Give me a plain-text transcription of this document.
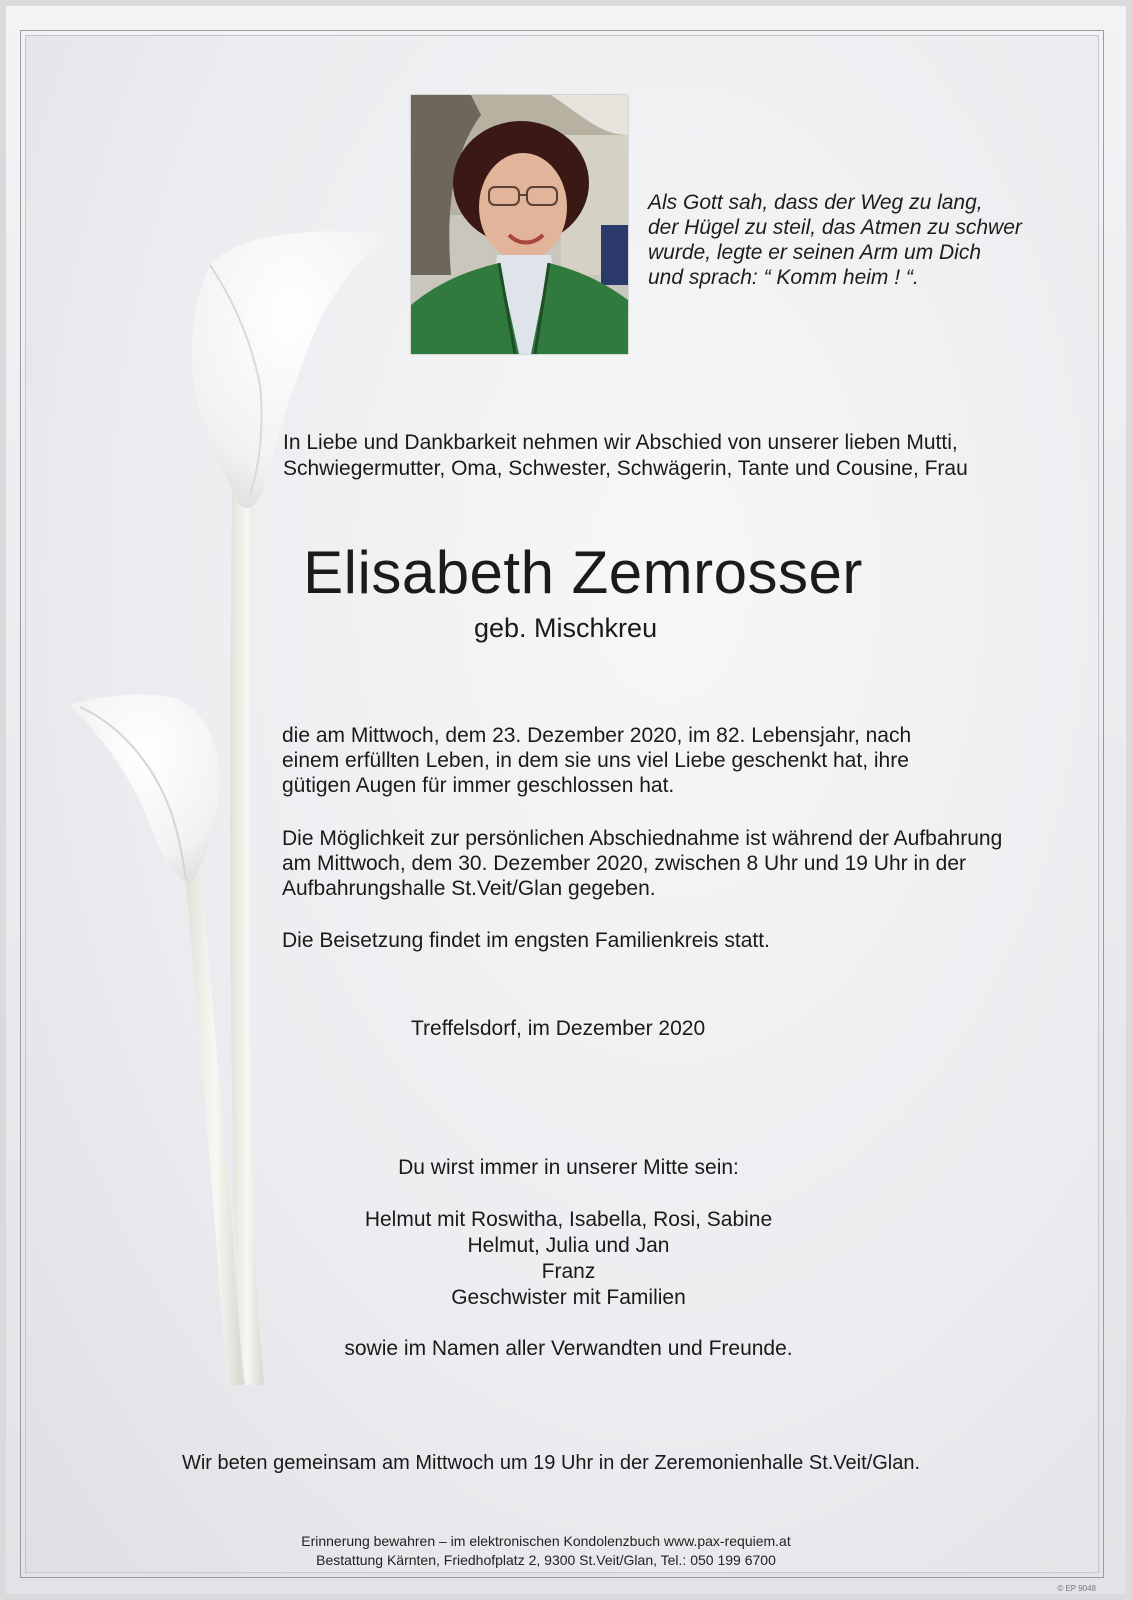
Als Gott sah, dass der Weg zu lang,
der Hügel zu steil, das Atmen zu schwer
wurde, legte er seinen Arm um Dich
und sprach: “ Komm heim ! “.
In Liebe und Dankbarkeit nehmen wir Abschied von unserer lieben Mutti,
Schwiegermutter, Oma, Schwester, Schwägerin, Tante und Cousine, Frau
Elisabeth Zemrosser
geb. Mischkreu
die am Mittwoch, dem 23. Dezember 2020, im 82. Lebensjahr, nach
einem erfüllten Leben, in dem sie uns viel Liebe geschenkt hat, ihre
gütigen Augen für immer geschlossen hat.
Die Möglichkeit zur persönlichen Abschiednahme ist während der Aufbahrung
am Mittwoch, dem 30. Dezember 2020, zwischen 8 Uhr und 19 Uhr in der
Aufbahrungshalle St.Veit/Glan gegeben.
Die Beisetzung findet im engsten Familienkreis statt.
Treffelsdorf, im Dezember 2020
Du wirst immer in unserer Mitte sein:
Helmut mit Roswitha, Isabella, Rosi, Sabine
Helmut, Julia und Jan
Franz
Geschwister mit Familien
sowie im Namen aller Verwandten und Freunde.
Wir beten gemeinsam am Mittwoch um 19 Uhr in der Zeremonienhalle St.Veit/Glan.
Erinnerung bewahren – im elektronischen Kondolenzbuch www.pax-requiem.at
Bestattung Kärnten, Friedhofplatz 2, 9300 St.Veit/Glan, Tel.: 050 199 6700
© EP 9048
